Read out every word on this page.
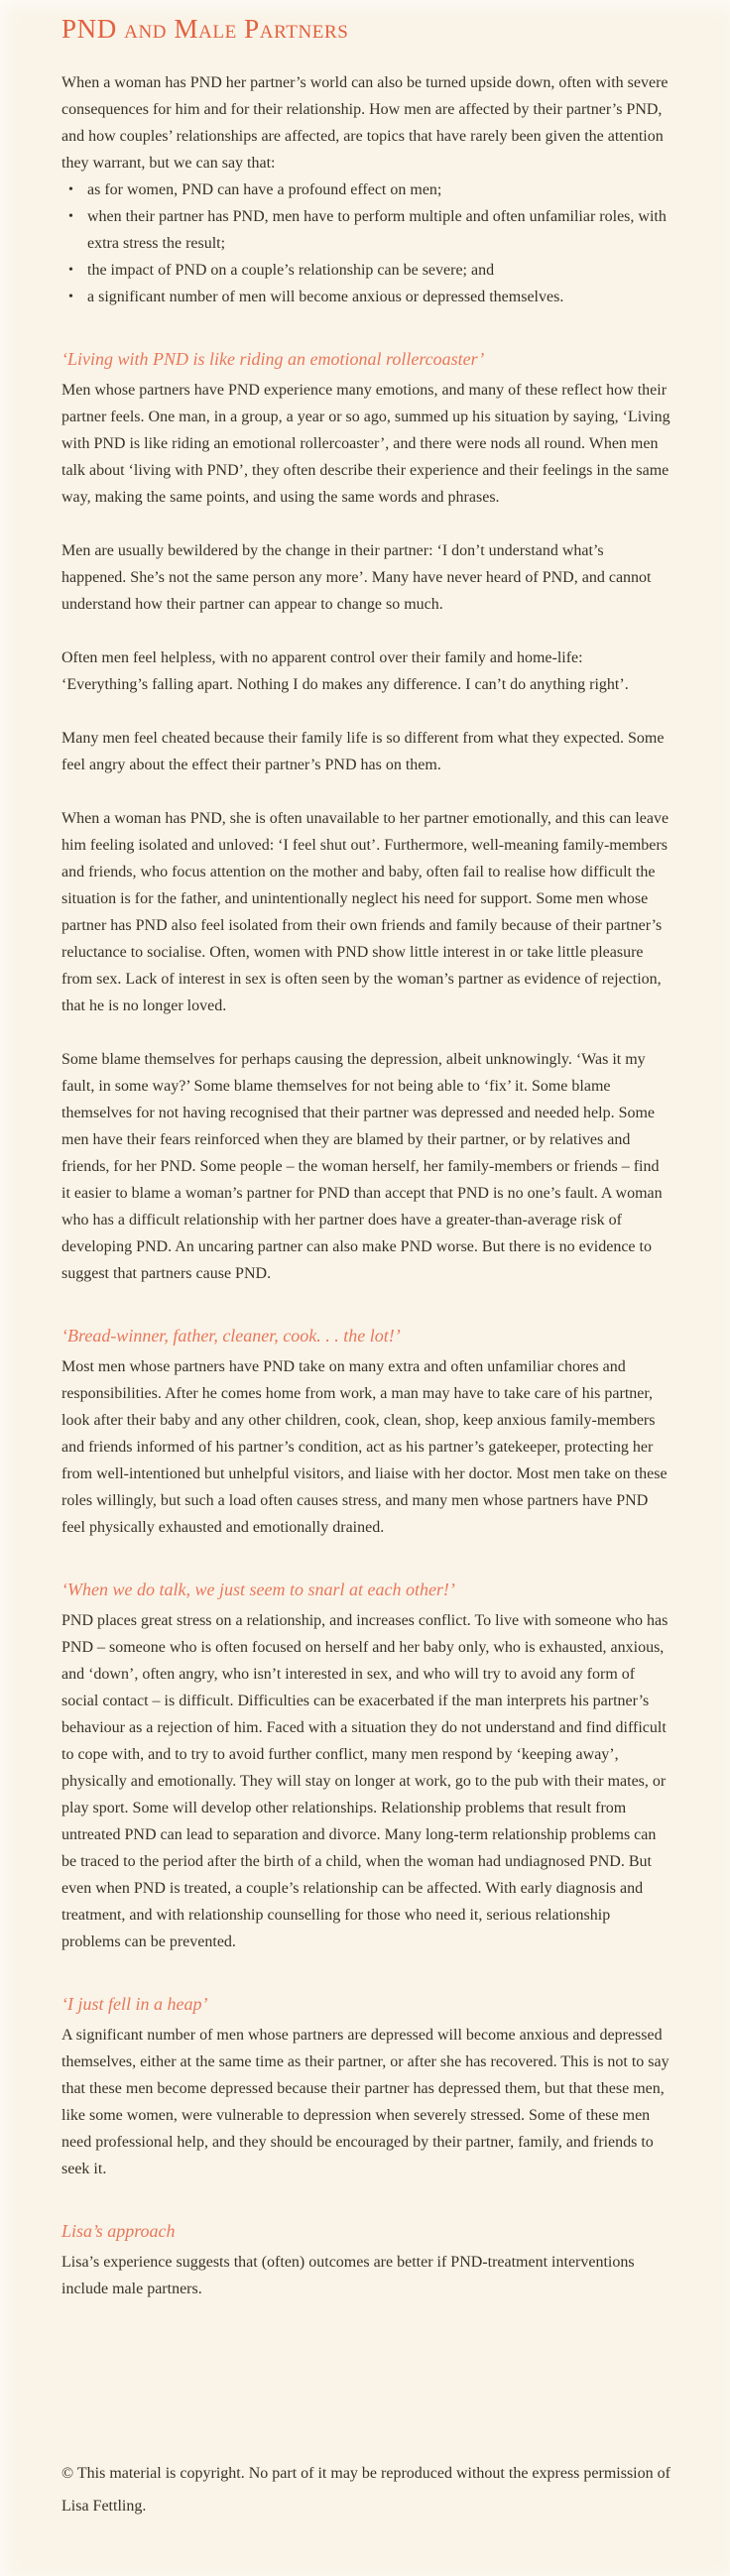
PND and Male Partners

When a woman has PND her partner’s world can also be turned upside down, often with severe consequences for him and for their relationship. How men are affected by their partner’s PND, and how couples’ relationships are affected, are topics that have rarely been given the attention they warrant, but we can say that:

• as for women, PND can have a profound effect on men;
• when their partner has PND, men have to perform multiple and often unfamiliar roles, with extra stress the result;
• the impact of PND on a couple’s relationship can be severe; and
• a significant number of men will become anxious or depressed themselves.
‘Living with PND is like riding an emotional rollercoaster’

Men whose partners have PND experience many emotions, and many of these reflect how their partner feels. One man, in a group, a year or so ago, summed up his situation by saying, ‘Living with PND is like riding an emotional rollercoaster’, and there were nods all round. When men talk about ‘living with PND’, they often describe their experience and their feelings in the same way, making the same points, and using the same words and phrases.

Men are usually bewildered by the change in their partner: ‘I don’t understand what’s happened. She’s not the same person any more’. Many have never heard of PND, and cannot understand how their partner can appear to change so much.

Often men feel helpless, with no apparent control over their family and home-life: ‘Everything’s falling apart. Nothing I do makes any difference. I can’t do anything right’.

Many men feel cheated because their family life is so different from what they expected. Some feel angry about the effect their partner’s PND has on them.

When a woman has PND, she is often unavailable to her partner emotionally, and this can leave him feeling isolated and unloved: ‘I feel shut out’. Furthermore, well-meaning family-members and friends, who focus attention on the mother and baby, often fail to realise how difficult the situation is for the father, and unintentionally neglect his need for support. Some men whose partner has PND also feel isolated from their own friends and family because of their partner’s reluctance to socialise. Often, women with PND show little interest in or take little pleasure from sex. Lack of interest in sex is often seen by the woman’s partner as evidence of rejection, that he is no longer loved.

Some blame themselves for perhaps causing the depression, albeit unknowingly. ‘Was it my fault, in some way?’ Some blame themselves for not being able to ‘fix’ it. Some blame themselves for not having recognised that their partner was depressed and needed help. Some men have their fears reinforced when they are blamed by their partner, or by relatives and friends, for her PND. Some people – the woman herself, her family-members or friends – find it easier to blame a woman’s partner for PND than accept that PND is no one’s fault. A woman who has a difficult relationship with her partner does have a greater-than-average risk of developing PND. An uncaring partner can also make PND worse. But there is no evidence to suggest that partners cause PND.

‘Bread-winner, father, cleaner, cook. . . the lot!’

Most men whose partners have PND take on many extra and often unfamiliar chores and responsibilities. After he comes home from work, a man may have to take care of his partner, look after their baby and any other children, cook, clean, shop, keep anxious family-members and friends informed of his partner’s condition, act as his partner’s gatekeeper, protecting her from well-intentioned but unhelpful visitors, and liaise with her doctor. Most men take on these roles willingly, but such a load often causes stress, and many men whose partners have PND feel physically exhausted and emotionally drained.

‘When we do talk, we just seem to snarl at each other!’

PND places great stress on a relationship, and increases conflict. To live with someone who has PND – someone who is often focused on herself and her baby only, who is exhausted, anxious, and ‘down’, often angry, who isn’t interested in sex, and who will try to avoid any form of social contact – is difficult. Difficulties can be exacerbated if the man interprets his partner’s behaviour as a rejection of him. Faced with a situation they do not understand and find difficult to cope with, and to try to avoid further conflict, many men respond by ‘keeping away’, physically and emotionally. They will stay on longer at work, go to the pub with their mates, or play sport. Some will develop other relationships. Relationship problems that result from untreated PND can lead to separation and divorce. Many long-term relationship problems can be traced to the period after the birth of a child, when the woman had undiagnosed PND. But even when PND is treated, a couple’s relationship can be affected. With early diagnosis and treatment, and with relationship counselling for those who need it, serious relationship problems can be prevented.

‘I just fell in a heap’

A significant number of men whose partners are depressed will become anxious and depressed themselves, either at the same time as their partner, or after she has recovered. This is not to say that these men become depressed because their partner has depressed them, but that these men, like some women, were vulnerable to depression when severely stressed. Some of these men need professional help, and they should be encouraged by their partner, family, and friends to seek it.

Lisa’s approach

Lisa’s experience suggests that (often) outcomes are better if PND-treatment interventions include male partners.

© This material is copyright. No part of it may be reproduced without the express permission of Lisa Fettling.
